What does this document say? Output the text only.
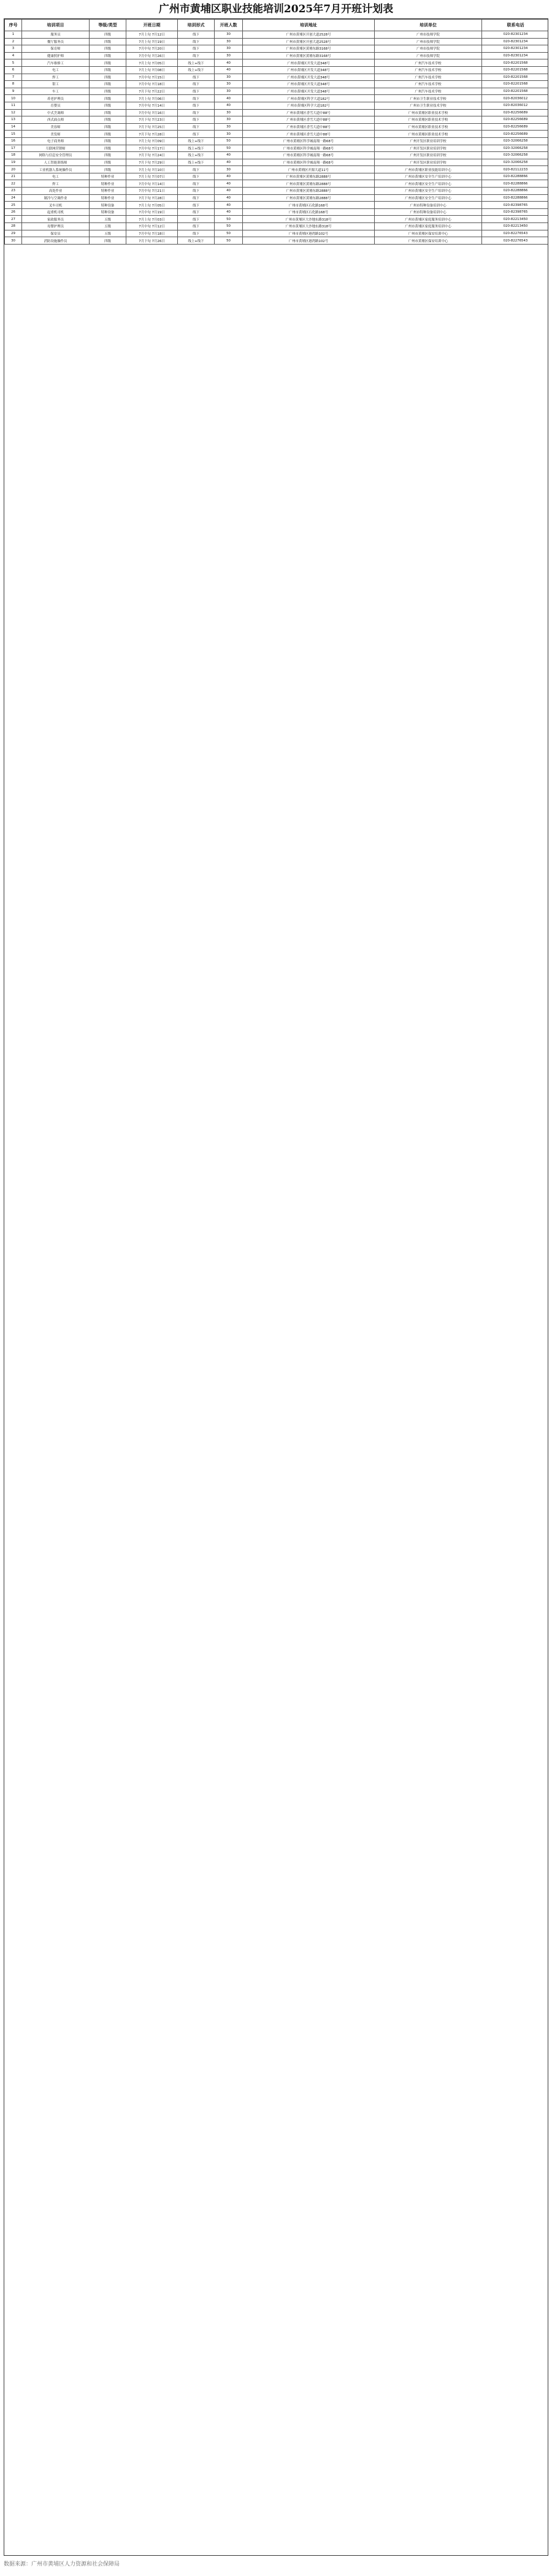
广州市黄埔区职业技能培训2025年7月开班计划表
序号	培训项目	等级/类型	开班日期	培训形式	开班人数	培训地址	培训单位	联系电话
1	服务员	四级	7月上旬 7月12日	线下	30	广州市黄埔区开创大道2528号	广州市技师学院	020-82301234
2	餐厅服务员	四级	7月上旬 7月19日	线下	30	广州市黄埔区开创大道2528号	广州市技师学院	020-82301234
3	保育师	四级	7月中旬 7月20日	线下	30	广州市黄埔区黄埔东路3168号	广州市技师学院	020-82301234
4	健康照护师	四级	7月中旬 7月26日	线下	30	广州市黄埔区黄埔东路3168号	广州市技师学院	020-82301234
5	汽车维修工	四级	7月上旬 7月05日	线上+线下	40	广州市黄埔区开发大道348号	广州汽车技术学校	020-82201568
6	电工	四级	7月上旬 7月08日	线上+线下	40	广州市黄埔区开发大道348号	广州汽车技术学校	020-82201568
7	焊工	四级	7月中旬 7月15日	线下	30	广州市黄埔区开发大道348号	广州汽车技术学校	020-82201568
8	钳工	四级	7月中旬 7月18日	线下	30	广州市黄埔区开发大道348号	广州汽车技术学校	020-82201568
9	车工	四级	7月下旬 7月22日	线下	30	广州市黄埔区开发大道348号	广州汽车技术学校	020-82201568
10	养老护理员	四级	7月上旬 7月06日	线下	40	广州市黄埔区科学大道182号	广州市卫生职业技术学校	020-82036012
11	育婴员	四级	7月中旬 7月14日	线下	40	广州市黄埔区科学大道182号	广州市卫生职业技术学校	020-82036012
12	中式烹调师	四级	7月中旬 7月16日	线下	30	广州市黄埔区香雪大道中88号	广州市黄埔区职业技术学校	020-82256689
13	西式面点师	四级	7月下旬 7月23日	线下	30	广州市黄埔区香雪大道中88号	广州市黄埔区职业技术学校	020-82256689
14	美容师	四级	7月下旬 7月25日	线下	30	广州市黄埔区香雪大道中88号	广州市黄埔区职业技术学校	020-82256689
15	美发师	四级	7月下旬 7月28日	线下	30	广州市黄埔区香雪大道中88号	广州市黄埔区职业技术学校	020-82256689
16	电子商务师	四级	7月上旬 7月09日	线上+线下	50	广州市黄埔区科学城南翔一路68号	广州开发区职业培训学校	020-32066258
17	互联网营销师	四级	7月中旬 7月17日	线上+线下	50	广州市黄埔区科学城南翔一路68号	广州开发区职业培训学校	020-32066258
18	网络与信息安全管理员	四级	7月下旬 7月24日	线上+线下	40	广州市黄埔区科学城南翔一路68号	广州开发区职业培训学校	020-32066258
19	人工智能训练师	四级	7月下旬 7月29日	线上+线下	40	广州市黄埔区科学城南翔一路68号	广州开发区职业培训学校	020-32066258
20	工业机器人系统操作员	四级	7月上旬 7月10日	线下	30	广州市黄埔区开源大道11号	广州市黄埔区职业技能培训中心	020-82112233
21	电工	特种作业	7月上旬 7月07日	线下	40	广州市黄埔区黄埔东路2888号	广州市黄埔区安全生产培训中心	020-82288866
22	焊工	特种作业	7月中旬 7月14日	线下	40	广州市黄埔区黄埔东路2888号	广州市黄埔区安全生产培训中心	020-82288866
23	高处作业	特种作业	7月中旬 7月21日	线下	40	广州市黄埔区黄埔东路2888号	广州市黄埔区安全生产培训中心	020-82288866
24	制冷与空调作业	特种作业	7月下旬 7月28日	线下	40	广州市黄埔区黄埔东路2888号	广州市黄埔区安全生产培训中心	020-82288866
25	叉车司机	特种设备	7月上旬 7月05日	线下	40	广州市黄埔区石化路168号	广州市特种设备培训中心	020-82398765
26	起重机司机	特种设备	7月中旬 7月19日	线下	40	广州市黄埔区石化路168号	广州市特种设备培训中心	020-82398765
27	家政服务员	五级	7月上旬 7月03日	线下	50	广州市黄埔区大沙地东路318号	广州市黄埔区家庭服务培训中心	020-82213450
28	母婴护理员	五级	7月中旬 7月12日	线下	50	广州市黄埔区大沙地东路318号	广州市黄埔区家庭服务培训中心	020-82213450
29	保安员	五级	7月中旬 7月18日	线下	50	广州市黄埔区港湾路102号	广州市黄埔区保安培训中心	020-82276543
30	消防设施操作员	四级	7月下旬 7月26日	线上+线下	50	广州市黄埔区港湾路102号	广州市黄埔区保安培训中心	020-82276543
数据来源：广州市黄埔区人力资源和社会保障局
